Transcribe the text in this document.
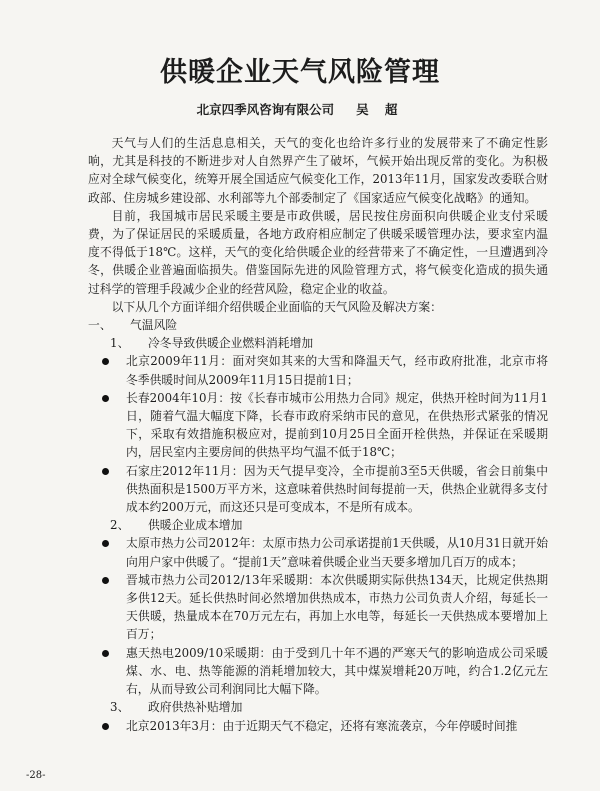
供暖企业天气风险管理
北京四季风咨询有限公司 吴 超

天气与人们的生活息息相关，天气的变化也给许多行业的发展带来了不确定性影响，尤其是科技的不断进步对人自然界产生了破坏，气候开始出现反常的变化。为积极应对全球气候变化，统筹开展全国适应气候变化工作，2013年11月，国家发改委联合财政部、住房城乡建设部、水利部等九个部委制定了《国家适应气候变化战略》的通知。

目前，我国城市居民采暖主要是市政供暖，居民按住房面积向供暖企业支付采暖费，为了保证居民的采暖质量，各地方政府相应制定了供暖采暖管理办法，要求室内温度不得低于18℃。这样，天气的变化给供暖企业的经营带来了不确定性，一旦遭遇到冷冬，供暖企业普遍面临损失。借鉴国际先进的风险管理方式，将气候变化造成的损失通过科学的管理手段减少企业的经营风险，稳定企业的收益。

以下从几个方面详细介绍供暖企业面临的天气风险及解决方案：

一、 气温风险

1、 冷冬导致供暖企业燃料消耗增加

北京2009年11月：面对突如其来的大雪和降温天气，经市政府批准，北京市将冬季供暖时间从2009年11月15日提前1日；

长春2004年10月：按《长春市城市公用热力合同》规定，供热开栓时间为11月1日，随着气温大幅度下降，长春市政府采纳市民的意见，在供热形式紧张的情况下，采取有效措施积极应对，提前到10月25日全面开栓供热，并保证在采暖期内，居民室内主要房间的供热平均气温不低于18℃；

石家庄2012年11月：因为天气提早变冷，全市提前3至5天供暖，省会日前集中供热面积是1500万平方米，这意味着供热时间每提前一天，供热企业就得多支付成本约200万元，而这还只是可变成本，不是所有成本。

2、 供暖企业成本增加

太原市热力公司2012年：太原市热力公司承诺提前1天供暖，从10月31日就开始向用户家中供暖了。“提前1天”意味着供暖企业当天要多增加几百万的成本；

晋城市热力公司2012/13年采暖期：本次供暖期实际供热134天，比规定供热期多供12天。延长供热时间必然增加供热成本，市热力公司负责人介绍，每延长一天供暖，热量成本在70万元左右，再加上水电等，每延长一天供热成本要增加上百万；

惠天热电2009/10采暖期：由于受到几十年不遇的严寒天气的影响造成公司采暖煤、水、电、热等能源的消耗增加较大，其中煤炭增耗20万吨，约合1.2亿元左右，从而导致公司利润同比大幅下降。

3、 政府供热补贴增加

北京2013年3月：由于近期天气不稳定，还将有寒流袭京，今年停暖时间推

-28-
